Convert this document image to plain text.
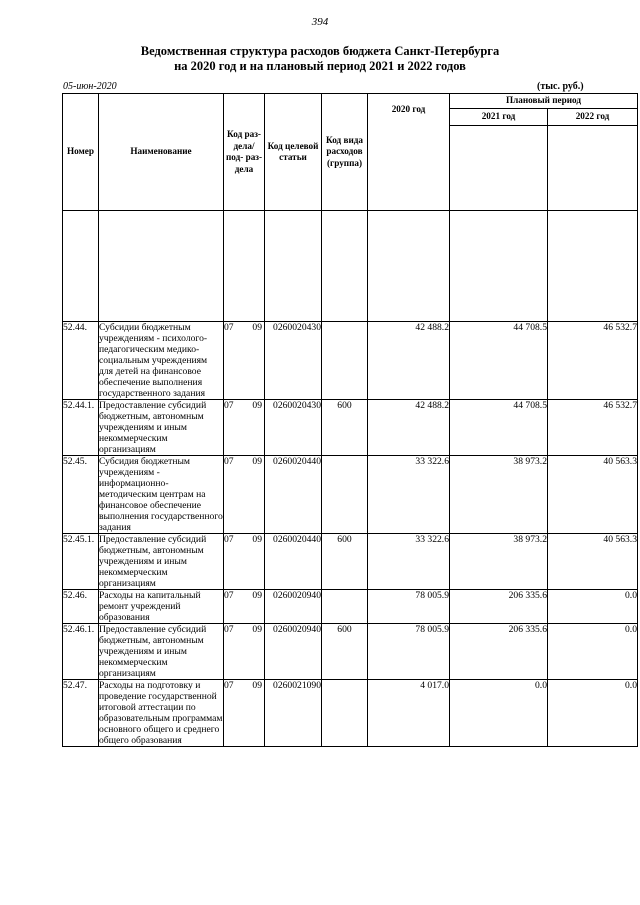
394
Ведомственная структура расходов бюджета Санкт-Петербурга
на 2020 год и на плановый период 2021 и 2022 годов
05-июн-2020	(тыс. руб.)
Номер	Наименование	Код раз- дела/ под- раз- дела	Код целевой статьи	Код вида расходов (группа)	2020 год	Плановый период	
						2021 год	2022 год

52.44.	Субсидии бюджетным учреждениям - психолого-педагогическим медико-социальным учреждениям для детей на финансовое обеспечение выполнения государственного задания	07 09	0260020430		42 488.2	44 708.5	46 532.7
52.44.1.	Предоставление субсидий бюджетным, автономным учреждениям и иным некоммерческим организациям	07 09	0260020430	600	42 488.2	44 708.5	46 532.7
52.45.	Субсидия бюджетным учреждениям - информационно-методическим центрам на финансовое обеспечение выполнения государственного задания	07 09	0260020440		33 322.6	38 973.2	40 563.3
52.45.1.	Предоставление субсидий бюджетным, автономным учреждениям и иным некоммерческим организациям	07 09	0260020440	600	33 322.6	38 973.2	40 563.3
52.46.	Расходы на капитальный ремонт учреждений образования	07 09	0260020940		78 005.9	206 335.6	0.0
52.46.1.	Предоставление субсидий бюджетным, автономным учреждениям и иным некоммерческим организациям	07 09	0260020940	600	78 005.9	206 335.6	0.0
52.47.	Расходы на подготовку и проведение государственной итоговой аттестации по образовательным программам основного общего и среднего общего образования	07 09	0260021090		4 017.0	0.0	0.0
